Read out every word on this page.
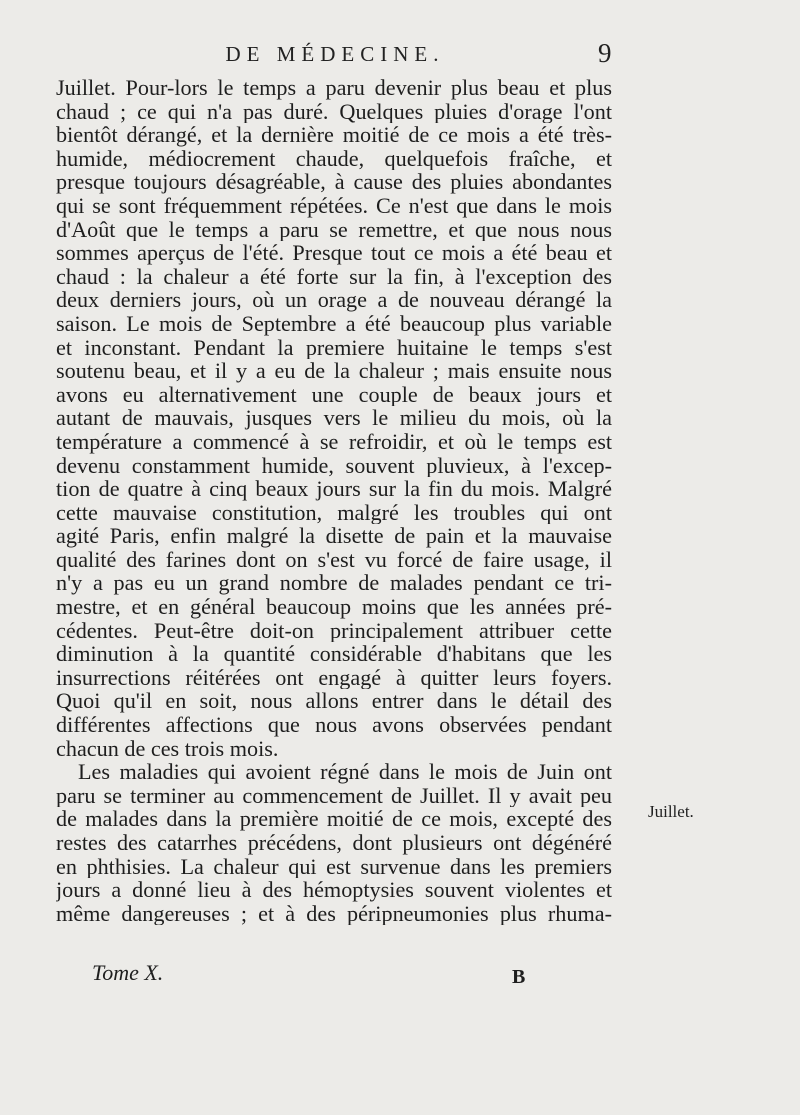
DE MÉDECINE.	9
Juillet. Pour-lors le temps a paru devenir plus beau et plus
chaud ; ce qui n'a pas duré. Quelques pluies d'orage l'ont
bientôt dérangé, et la dernière moitié de ce mois a été très-
humide, médiocrement chaude, quelquefois fraîche, et
presque toujours désagréable, à cause des pluies abondantes
qui se sont fréquemment répétées. Ce n'est que dans le mois
d'Août que le temps a paru se remettre, et que nous nous
sommes aperçus de l'été. Presque tout ce mois a été beau et
chaud : la chaleur a été forte sur la fin, à l'exception des
deux derniers jours, où un orage a de nouveau dérangé la
saison. Le mois de Septembre a été beaucoup plus variable
et inconstant. Pendant la premiere huitaine le temps s'est
soutenu beau, et il y a eu de la chaleur ; mais ensuite nous
avons eu alternativement une couple de beaux jours et
autant de mauvais, jusques vers le milieu du mois, où la
température a commencé à se refroidir, et où le temps est
devenu constamment humide, souvent pluvieux, à l'excep-
tion de quatre à cinq beaux jours sur la fin du mois. Malgré
cette mauvaise constitution, malgré les troubles qui ont
agité Paris, enfin malgré la disette de pain et la mauvaise
qualité des farines dont on s'est vu forcé de faire usage, il
n'y a pas eu un grand nombre de malades pendant ce tri-
mestre, et en général beaucoup moins que les années pré-
cédentes. Peut-être doit-on principalement attribuer cette
diminution à la quantité considérable d'habitans que les
insurrections réitérées ont engagé à quitter leurs foyers.
Quoi qu'il en soit, nous allons entrer dans le détail des
différentes affections que nous avons observées pendant
chacun de ces trois mois.
Les maladies qui avoient régné dans le mois de Juin ont
paru se terminer au commencement de Juillet. Il y avait peu
de malades dans la première moitié de ce mois, excepté des
restes des catarrhes précédens, dont plusieurs ont dégénéré
en phthisies. La chaleur qui est survenue dans les premiers
jours a donné lieu à des hémoptysies souvent violentes et
même dangereuses ; et à des péripneumonies plus rhuma-
Juillet.
Tome X.	B
